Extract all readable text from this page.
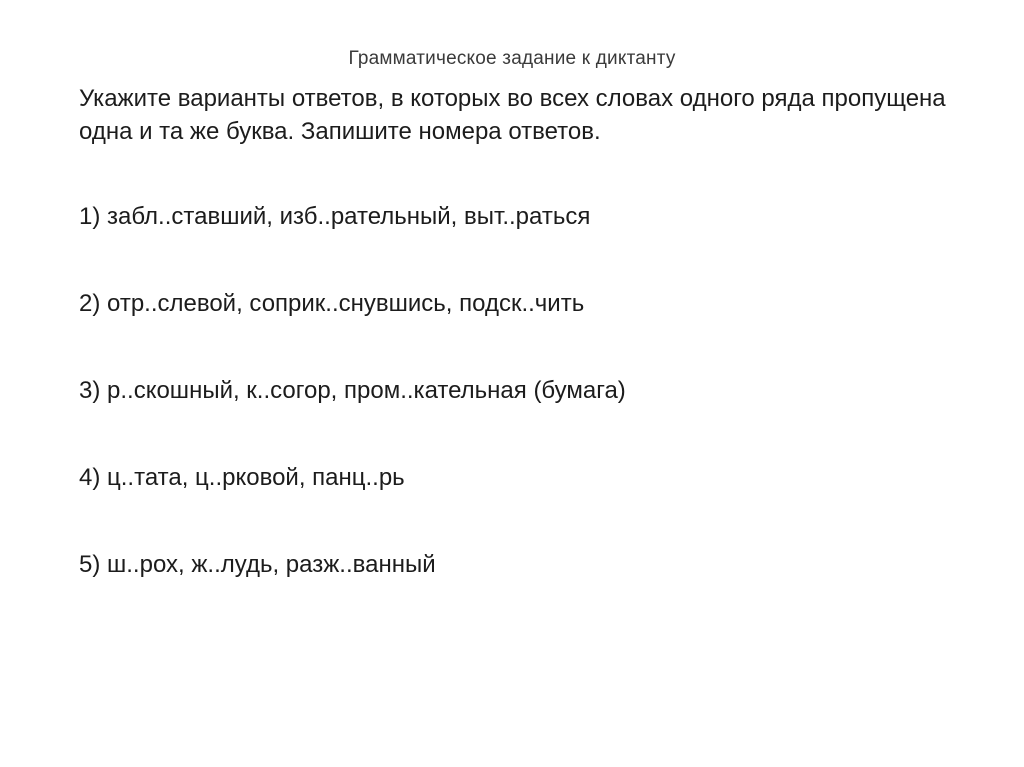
Грамматическое задание к диктанту
Укажите варианты ответов, в которых во всех словах одного ряда пропущена одна и та же буква. Запишите номера ответов.
1) забл..ставший, изб..рательный, выт..раться
2) отр..слевой, соприк..снувшись, подск..чить
3) р..скошный, к..согор, пром..кательная (бумага)
4) ц..тата, ц..рковой, панц..рь
5) ш..рох, ж..лудь, разж..ванный
